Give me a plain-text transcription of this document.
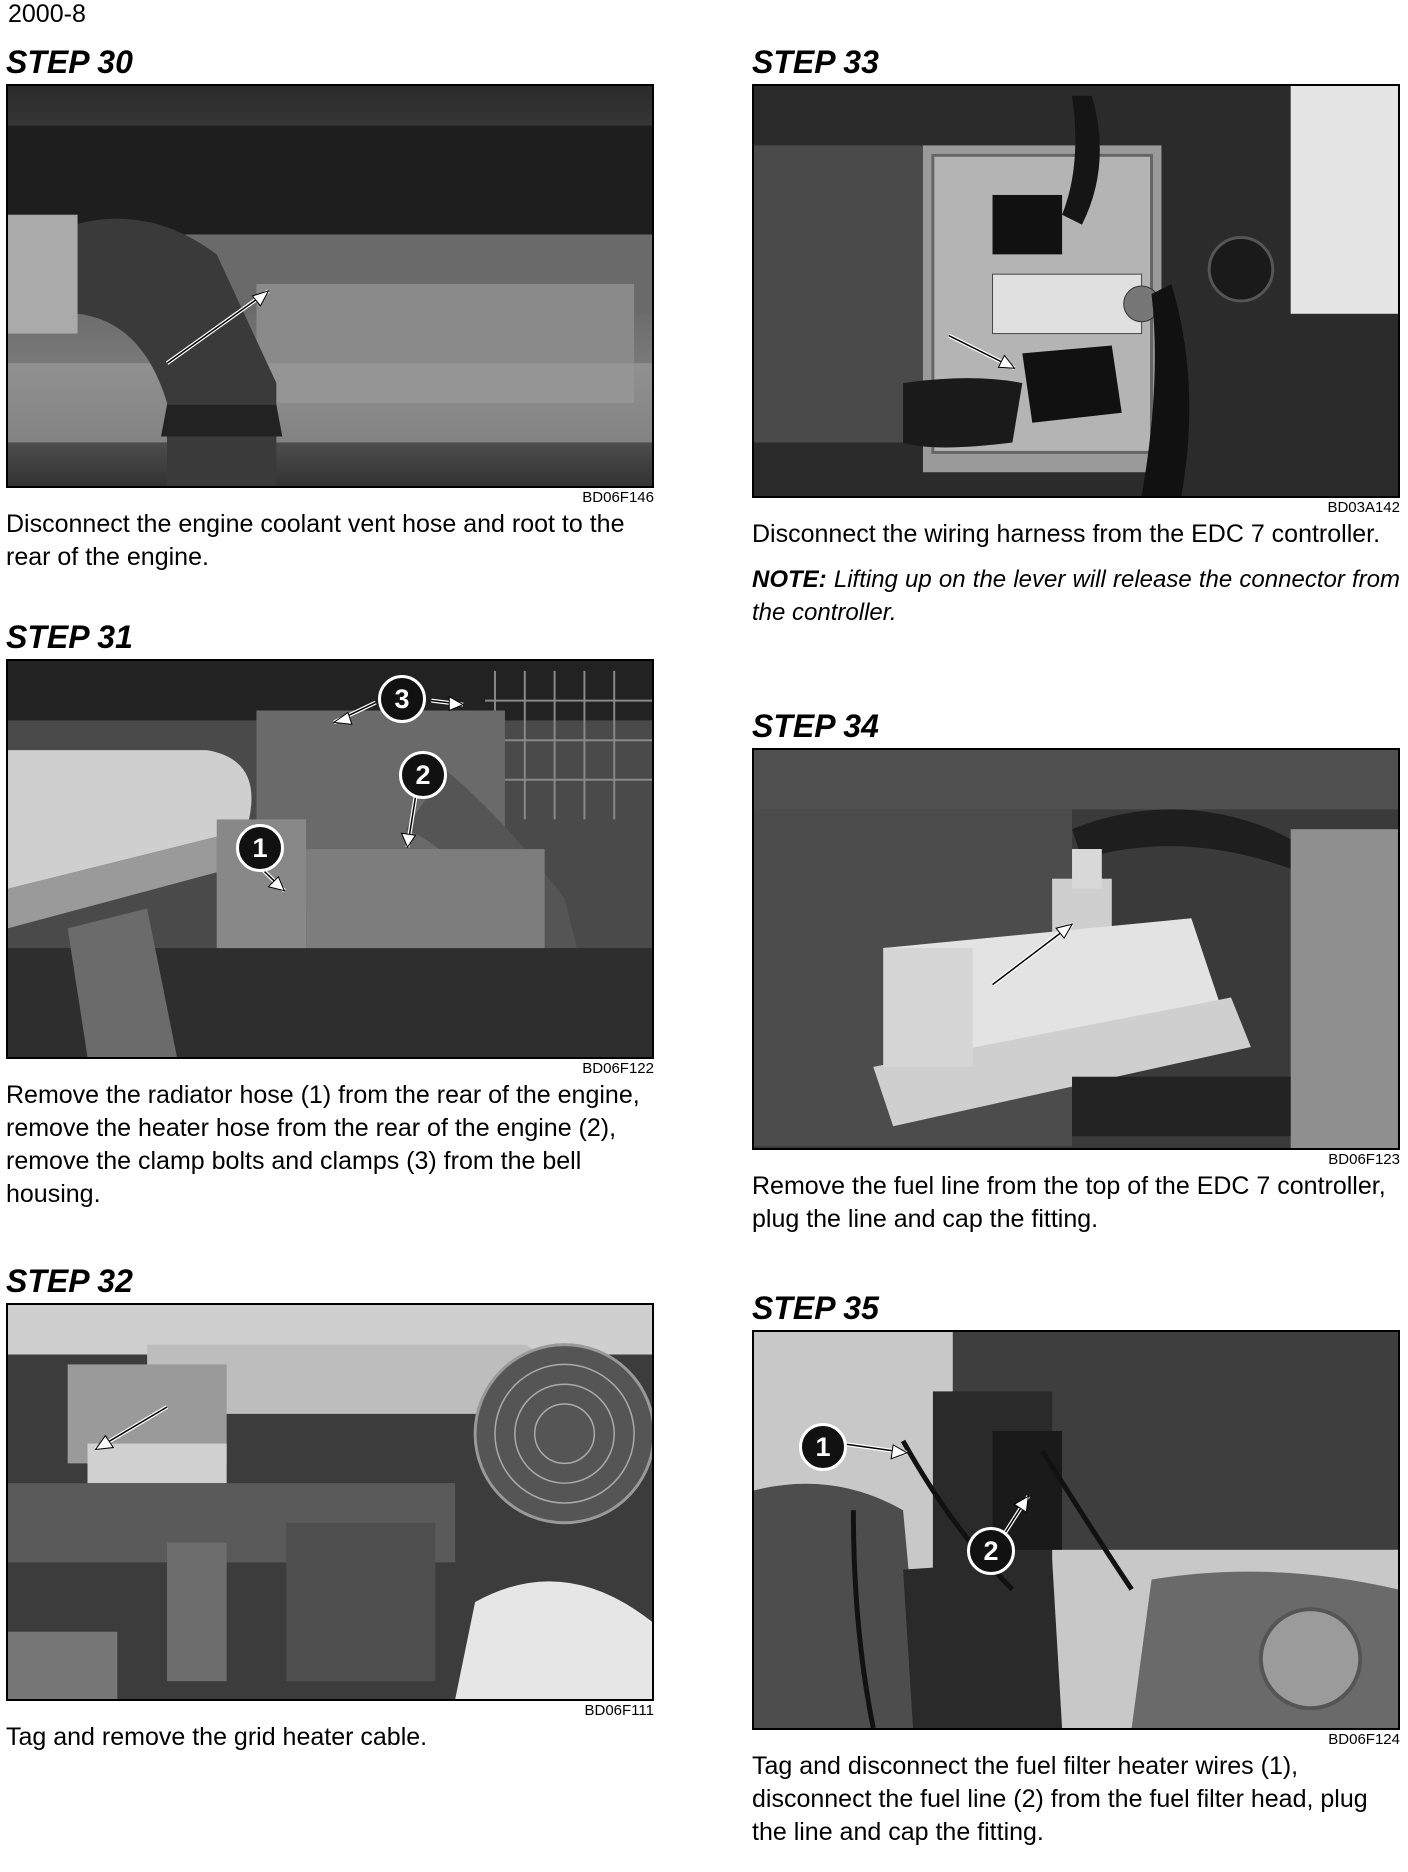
2000-8
STEP 30
BD06F146

Disconnect the engine coolant vent hose and root to the rear of the engine.

STEP 31
1
2
3
BD06F122

Remove the radiator hose (1) from the rear of the engine, remove the heater hose from the rear of the engine (2), remove the clamp bolts and clamps (3) from the bell housing.

STEP 32
BD06F111

Tag and remove the grid heater cable.

STEP 33
BD03A142

Disconnect the wiring harness from the EDC 7 controller.

NOTE: Lifting up on the lever will release the connector from the controller.

STEP 34
BD06F123

Remove the fuel line from the top of the EDC 7 controller, plug the line and cap the fitting.

STEP 35
1
2
BD06F124

Tag and disconnect the fuel filter heater wires (1), disconnect the fuel line (2) from the fuel filter head, plug the line and cap the fitting.
